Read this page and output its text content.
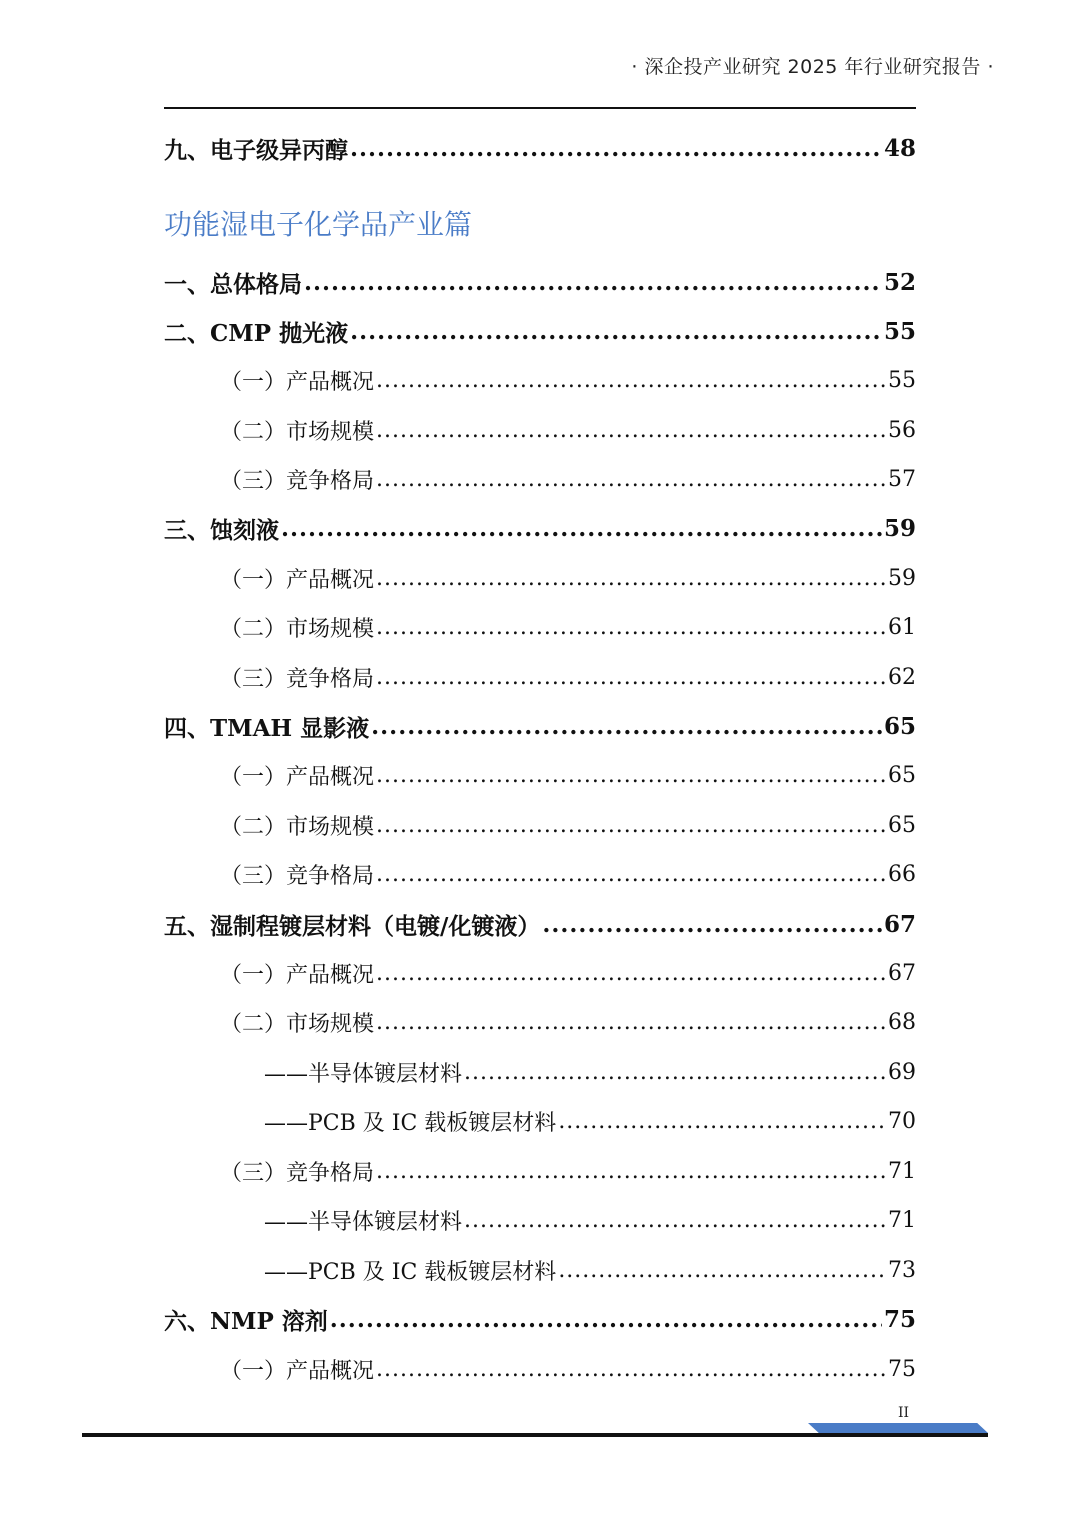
· 深企投产业研究 2025 年行业研究报告 ·
九、电子级异丙醇 .....	48
功能湿电子化学品产业篇
一、总体格局 .....	52
二、CMP 抛光液 .....	55
（一）产品概况 .....	55
（二）市场规模 .....	56
（三）竞争格局 .....	57
三、蚀刻液 .....	59
（一）产品概况 .....	59
（二）市场规模 .....	61
（三）竞争格局 .....	62
四、TMAH 显影液 .....	65
（一）产品概况 .....	65
（二）市场规模 .....	65
（三）竞争格局 .....	66
五、湿制程镀层材料（电镀/化镀液） .....	67
（一）产品概况 .....	67
（二）市场规模 .....	68
——半导体镀层材料 .....	69
——PCB 及 IC 载板镀层材料 .....	70
（三）竞争格局 .....	71
——半导体镀层材料 .....	71
——PCB 及 IC 载板镀层材料 .....	73
六、NMP 溶剂 .....	75
（一）产品概况 .....	75
II
